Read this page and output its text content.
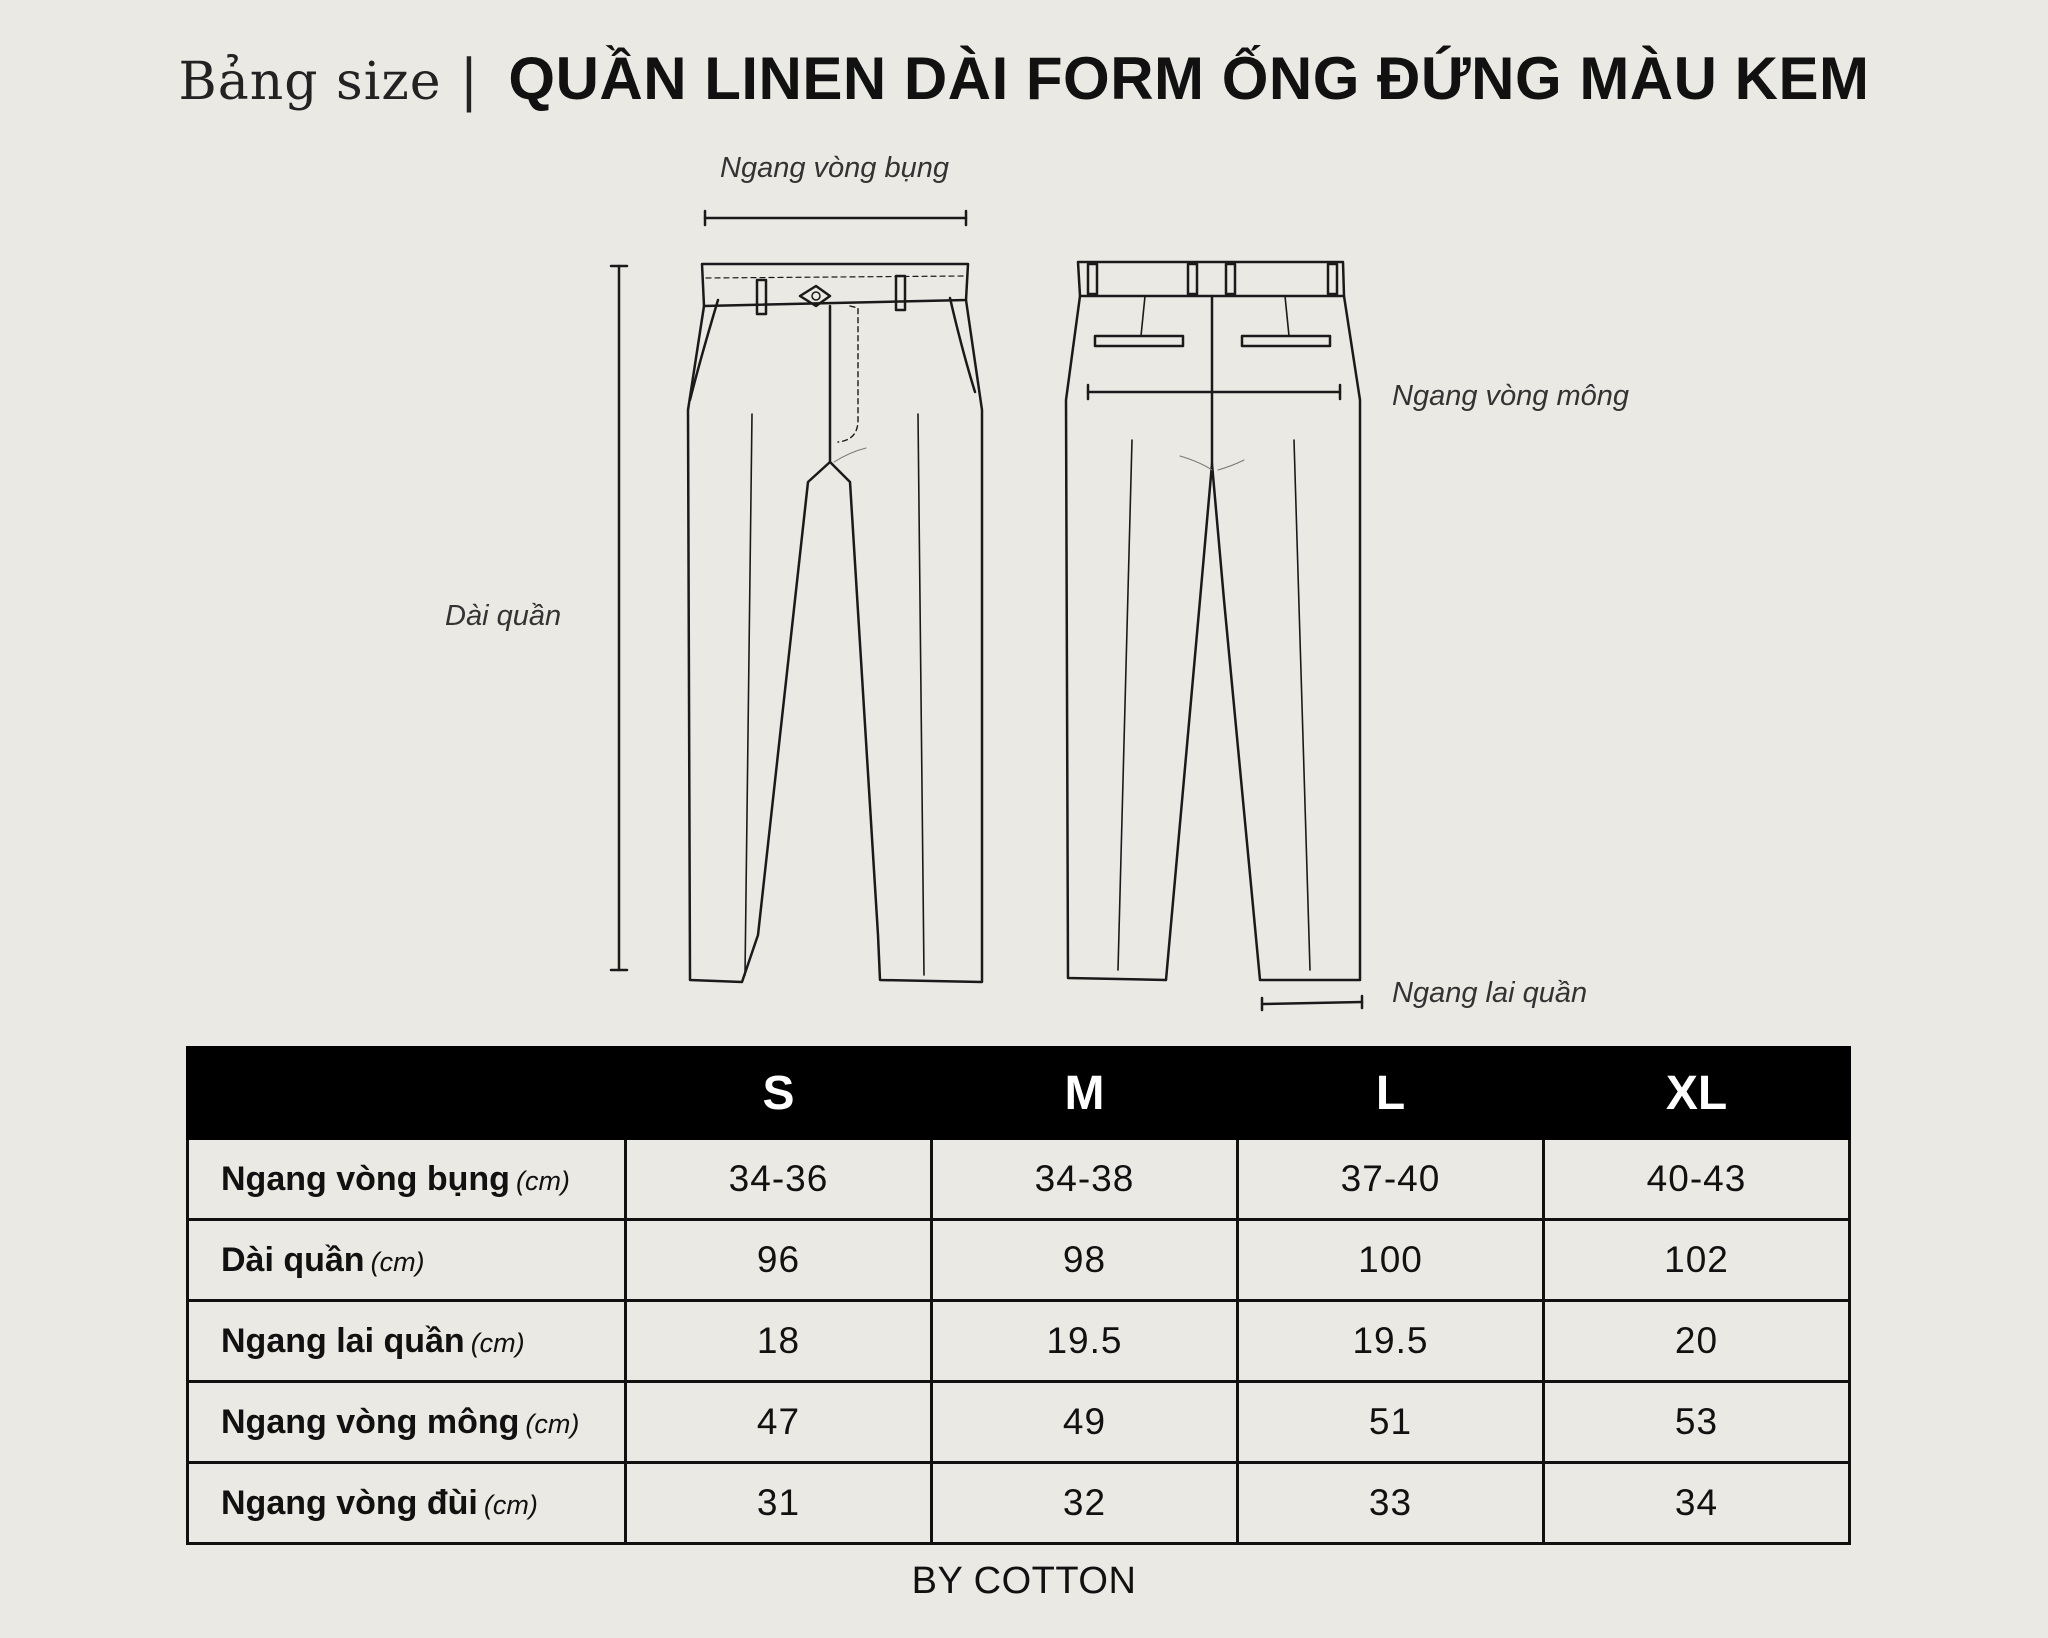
Bảng size | QUẦN LINEN DÀI FORM ỐNG ĐỨNG MÀU KEM
Ngang vòng bụng
Dài quần
Ngang vòng mông
Ngang lai quần
	S	M	L	XL
Ngang vòng bụng (cm)	34-36	34-38	37-40	40-43
Dài quần (cm)	96	98	100	102
Ngang lai quần (cm)	18	19.5	19.5	20
Ngang vòng mông (cm)	47	49	51	53
Ngang vòng đùi (cm)	31	32	33	34
BY COTTON
